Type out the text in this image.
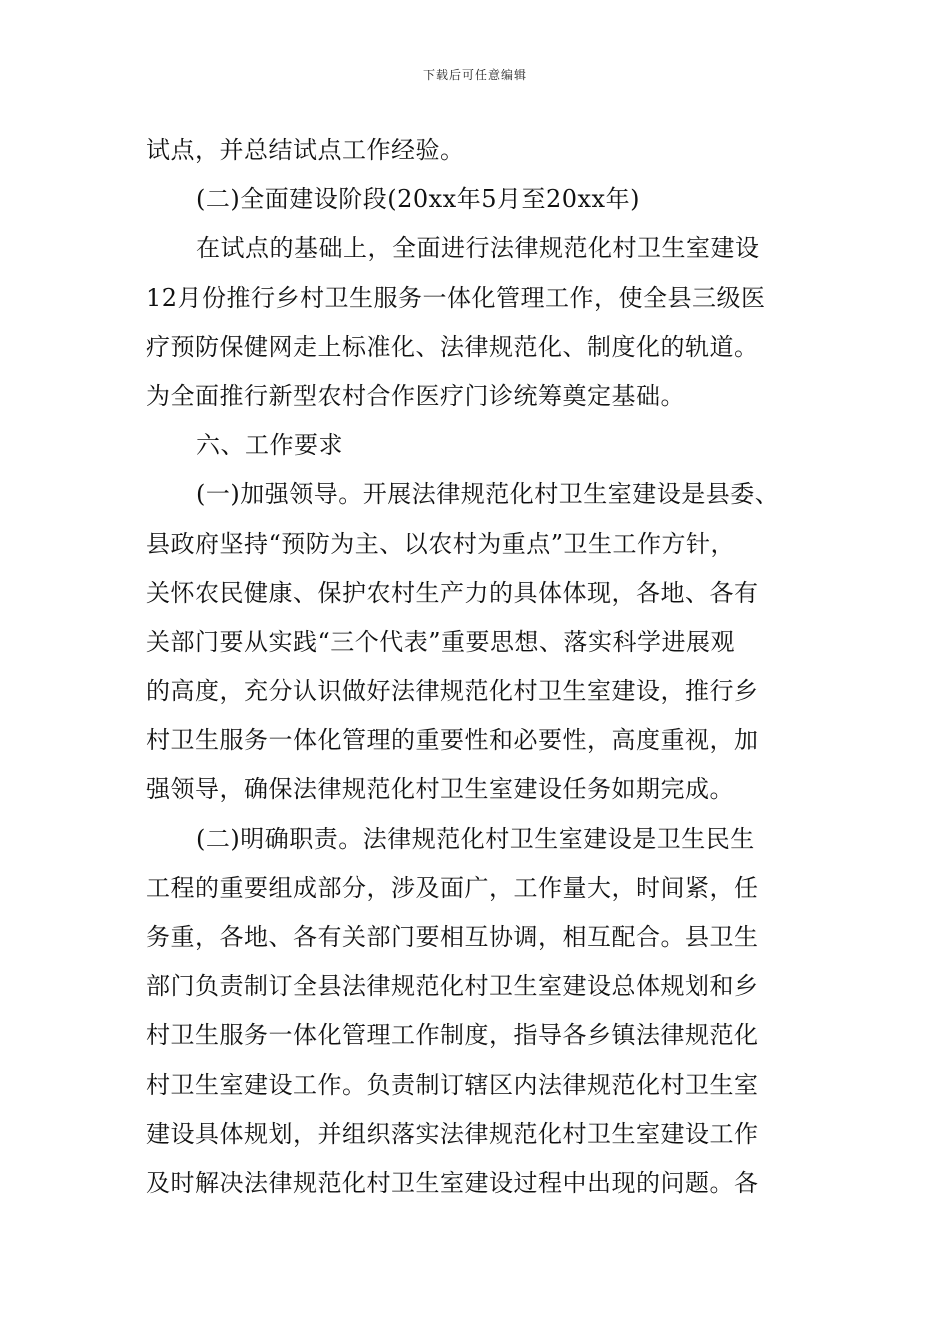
下载后可任意编辑
试点，并总结试点工作经验。
(二)全面建设阶段(20xx年5月至20xx年)
在试点的基础上，全面进行法律规范化村卫生室建设
12月份推行乡村卫生服务一体化管理工作，使全县三级医
疗预防保健网走上标准化、法律规范化、制度化的轨道。
为全面推行新型农村合作医疗门诊统筹奠定基础。
六、工作要求
(一)加强领导。开展法律规范化村卫生室建设是县委、
县政府坚持“预防为主、以农村为重点”卫生工作方针，
关怀农民健康、保护农村生产力的具体体现，各地、各有
关部门要从实践“三个代表”重要思想、落实科学进展观
的高度，充分认识做好法律规范化村卫生室建设，推行乡
村卫生服务一体化管理的重要性和必要性，高度重视，加
强领导，确保法律规范化村卫生室建设任务如期完成。
(二)明确职责。法律规范化村卫生室建设是卫生民生
工程的重要组成部分，涉及面广，工作量大，时间紧，任
务重，各地、各有关部门要相互协调，相互配合。县卫生
部门负责制订全县法律规范化村卫生室建设总体规划和乡
村卫生服务一体化管理工作制度，指导各乡镇法律规范化
村卫生室建设工作。负责制订辖区内法律规范化村卫生室
建设具体规划，并组织落实法律规范化村卫生室建设工作
及时解决法律规范化村卫生室建设过程中出现的问题。各
